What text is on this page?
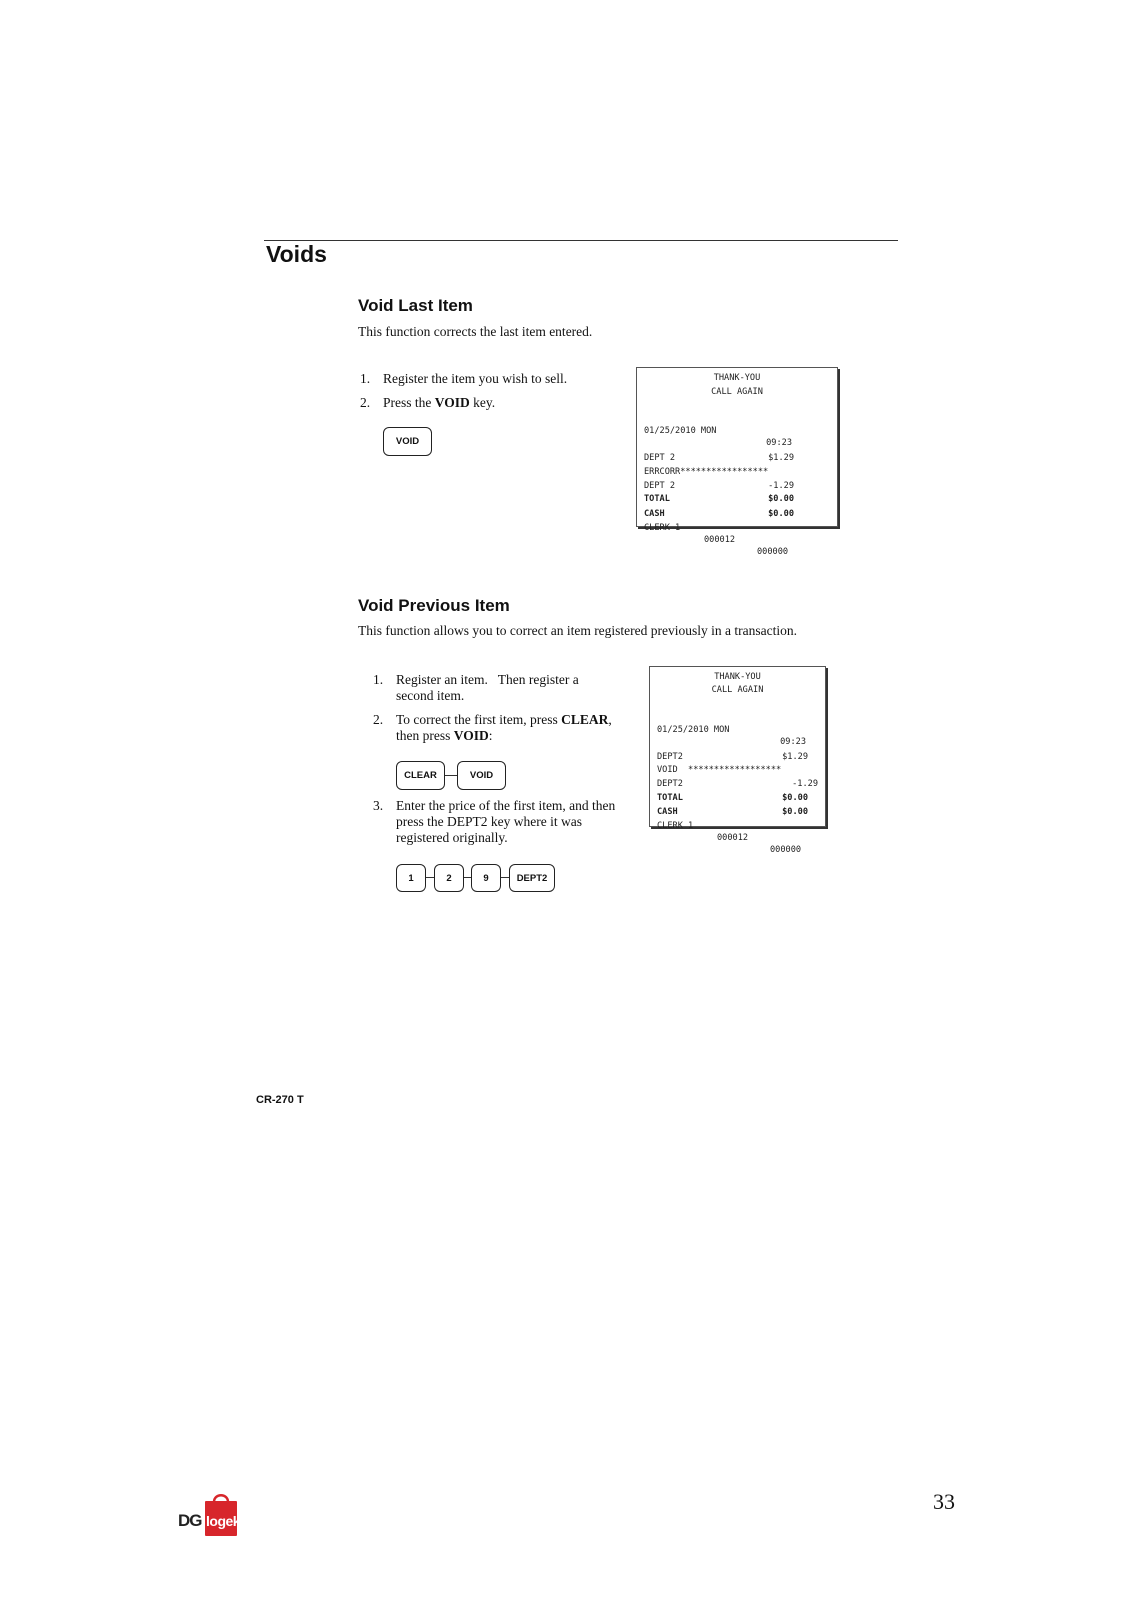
Voids
Void Last Item
This function corrects the last item entered.
1. Register the item you wish to sell.
2. Press the VOID key.
VOID
THANK-YOU
CALL AGAIN

01/25/2010 MON

09:23

DEPT 2	$1.29

ERRCORR*****************

DEPT 2	-1.29

TOTAL	$0.00

CASH	$0.00

CLERK 1

000012

000000

Void Previous Item
This function allows you to correct an item registered previously in a transaction.
1. Register an item.   Then register a
second item.
2. To correct the first item, press CLEAR,
then press VOID:
CLEAR	VOID
3. Enter the price of the first item, and then
press the DEPT2 key where it was
registered originally.
1	2	9	DEPT2
THANK-YOU
CALL AGAIN

01/25/2010 MON

09:23

DEPT2	$1.29

VOID  ******************

DEPT2	-1.29

TOTAL	$0.00

CASH	$0.00

CLERK 1

000012

000000

CR-270 T
33
DG logek
